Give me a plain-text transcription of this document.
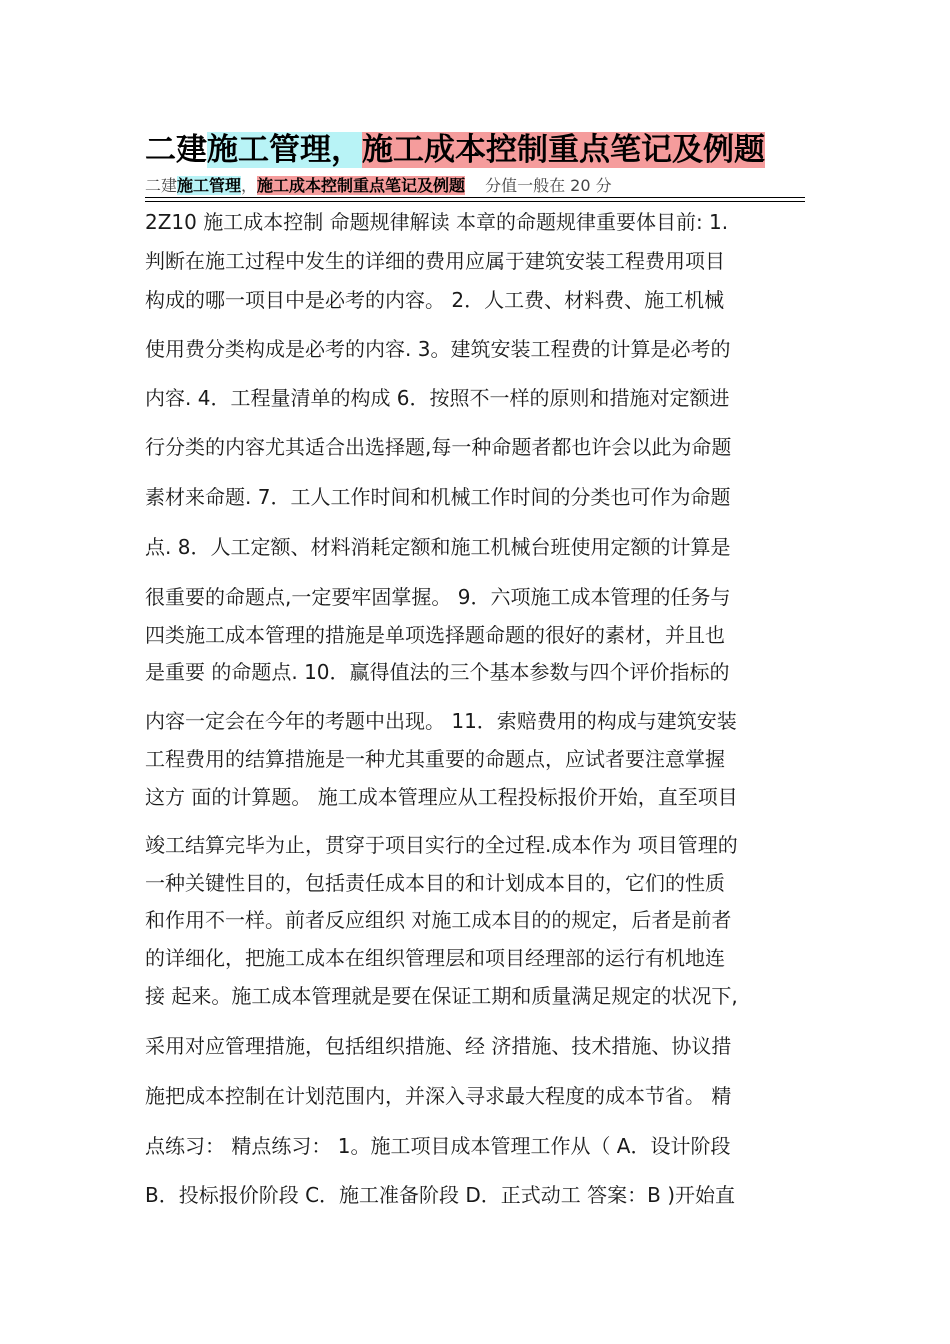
二建施工管理，施工成本控制重点笔记及例题
二建施工管理，施工成本控制重点笔记及例题 分值一般在 20 分
2Z10 施工成本控制 命题规律解读 本章的命题规律重要体目前: 1.
判断在施工过程中发生的详细的费用应属于建筑安装工程费用项目
构成的哪一项目中是必考的内容。 2．人工费、材料费、施工机械
使用费分类构成是必考的内容. 3。建筑安装工程费的计算是必考的
内容. 4．工程量清单的构成 6．按照不一样的原则和措施对定额进
行分类的内容尤其适合出选择题,每一种命题者都也许会以此为命题
素材来命题. 7．工人工作时间和机械工作时间的分类也可作为命题
点. 8．人工定额、材料消耗定额和施工机械台班使用定额的计算是
很重要的命题点,一定要牢固掌握。 9．六项施工成本管理的任务与
四类施工成本管理的措施是单项选择题命题的很好的素材，并且也
是重要 的命题点. 10．赢得值法的三个基本参数与四个评价指标的
内容一定会在今年的考题中出现。 11．索赔费用的构成与建筑安装
工程费用的结算措施是一种尤其重要的命题点，应试者要注意掌握
这方 面的计算题。 施工成本管理应从工程投标报价开始，直至项目
竣工结算完毕为止，贯穿于项目实行的全过程.成本作为 项目管理的
一种关键性目的，包括责任成本目的和计划成本目的，它们的性质
和作用不一样。前者反应组织 对施工成本目的的规定，后者是前者
的详细化，把施工成本在组织管理层和项目经理部的运行有机地连
接 起来。施工成本管理就是要在保证工期和质量满足规定的状况下,
采用对应管理措施，包括组织措施、经 济措施、技术措施、协议措
施把成本控制在计划范围内，并深入寻求最大程度的成本节省。 精
点练习： 精点练习： 1。施工项目成本管理工作从（ A．设计阶段
B．投标报价阶段 C．施工准备阶段 D．正式动工 答案：B )开始直
